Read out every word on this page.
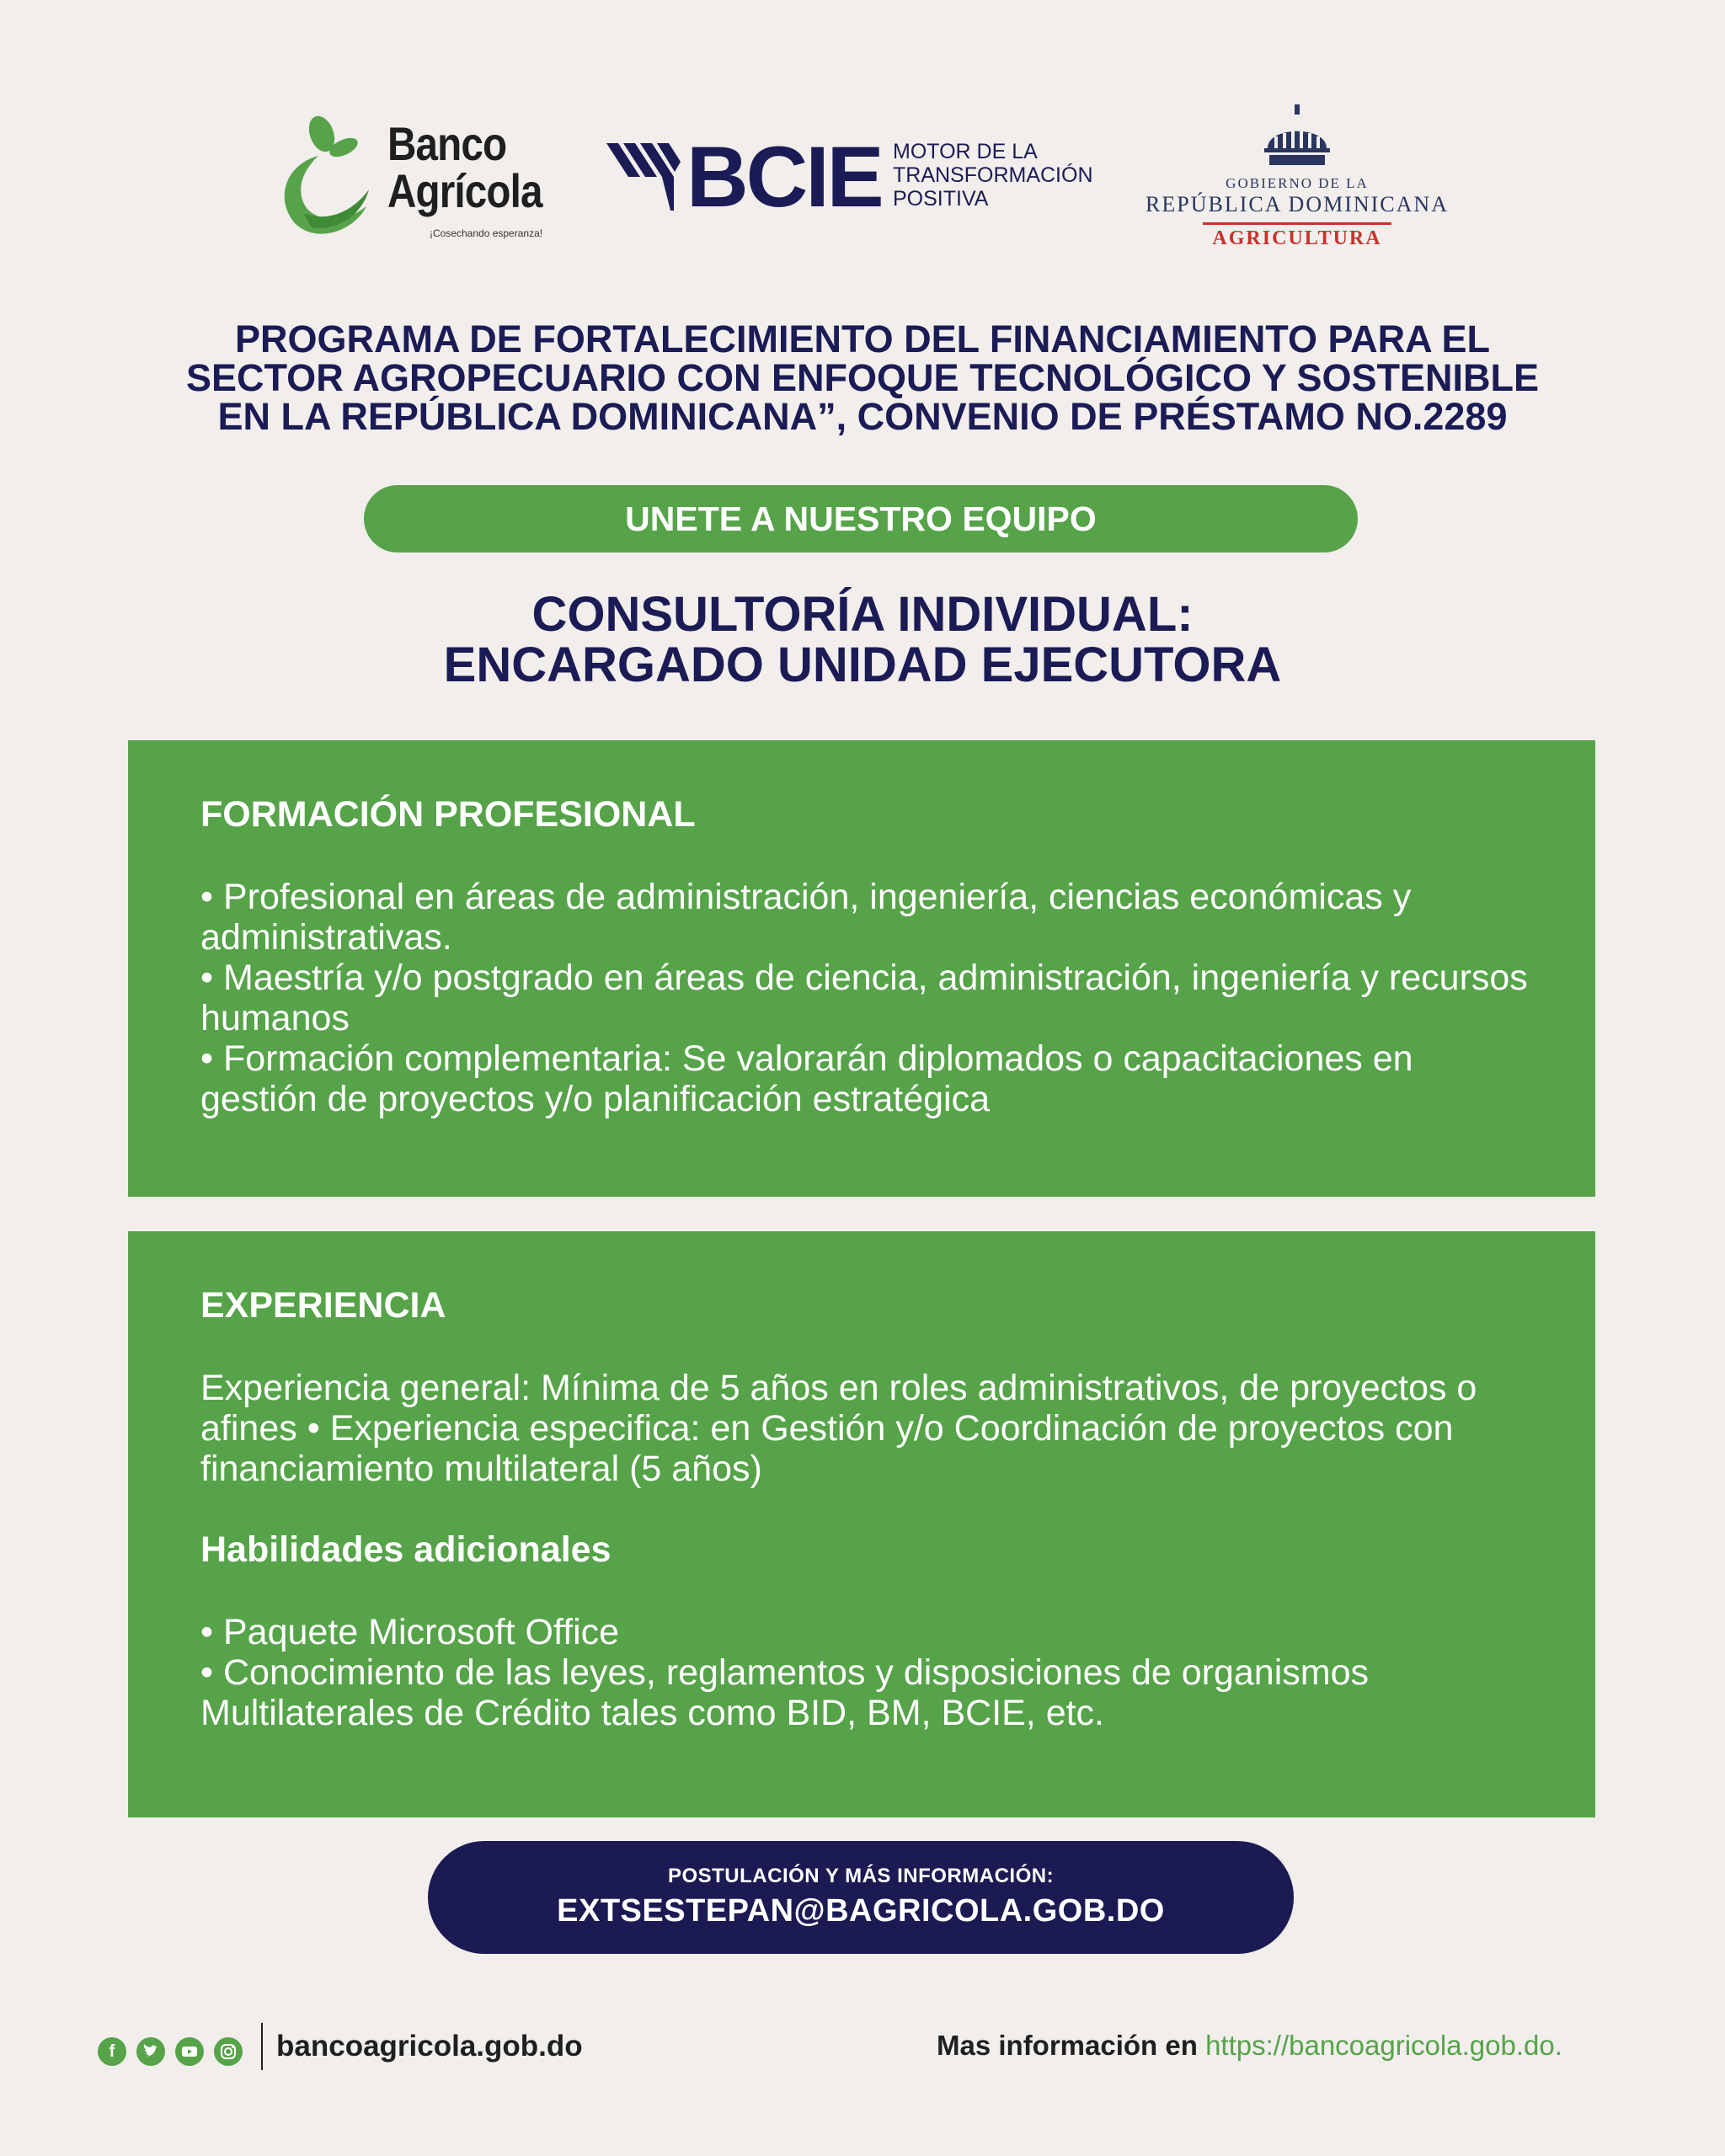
Banco
Agrícola
¡Cosechando esperanza!
BCIE MOTOR DE LA
TRANSFORMACIÓN
POSITIVA
GOBIERNO DE LA
REPÚBLICA DOMINICANA
AGRICULTURA
PROGRAMA DE FORTALECIMIENTO DEL FINANCIAMIENTO PARA EL
SECTOR AGROPECUARIO CON ENFOQUE TECNOLÓGICO Y SOSTENIBLE
EN LA REPÚBLICA DOMINICANA”, CONVENIO DE PRÉSTAMO NO.2289
UNETE A NUESTRO EQUIPO
CONSULTORÍA INDIVIDUAL:
ENCARGADO UNIDAD EJECUTORA
FORMACIÓN PROFESIONAL

• Profesional en áreas de administración, ingeniería, ciencias económicas y administrativas.

• Maestría y/o postgrado en áreas de ciencia, administración, ingeniería y recursos humanos

• Formación complementaria: Se valorarán diplomados o capacitaciones en gestión de proyectos y/o planificación estratégica

EXPERIENCIA

Experiencia general: Mínima de 5 años en roles administrativos, de proyectos o afines • Experiencia especifica: en Gestión y/o Coordinación de proyectos con financiamiento multilateral (5 años)

Habilidades adicionales

• Paquete Microsoft Office

• Conocimiento de las leyes, reglamentos y disposiciones de organismos Multilaterales de Crédito tales como BID, BM, BCIE, etc.

POSTULACIÓN Y MÁS INFORMACIÓN:
EXTSESTEPAN@BAGRICOLA.GOB.DO
f	bancoagricola.gob.do	Mas información en https://bancoagricola.gob.do.
